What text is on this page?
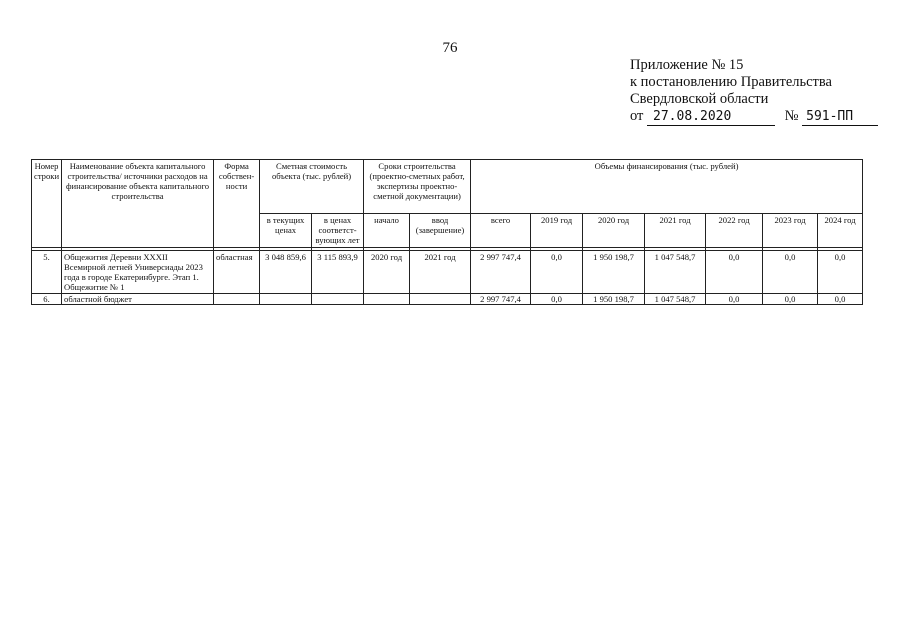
76
Приложение № 15
к постановлению Правительства
Свердловской области
от 27.08.2020	№ 591-ПП
Номер строки	Наименование объекта капитального строительства/ источники расходов на финансирование объекта капитального строительства	Форма собствен-ности	Сметная стоимость объекта (тыс. рублей)		Сроки строительства (проектно-сметных работ, экспертизы проектно-сметной документации)		Объемы финансирования (тыс. рублей)						
			в текущих ценах	в ценах соответст-вующих лет	начало	ввод (завершение)	всего	2019 год	2020 год	2021 год	2022 год	2023 год	2024 год

5.	Общежития Деревни XXXII Всемирной летней Универсиады 2023 года в городе Екатеринбурге. Этап 1. Общежитие № 1	областная	3 048 859,6	3 115 893,9	2020 год	2021 год	2 997 747,4	0,0	1 950 198,7	1 047 548,7	0,0	0,0	0,0
6.	областной бюджет						2 997 747,4	0,0	1 950 198,7	1 047 548,7	0,0	0,0	0,0
